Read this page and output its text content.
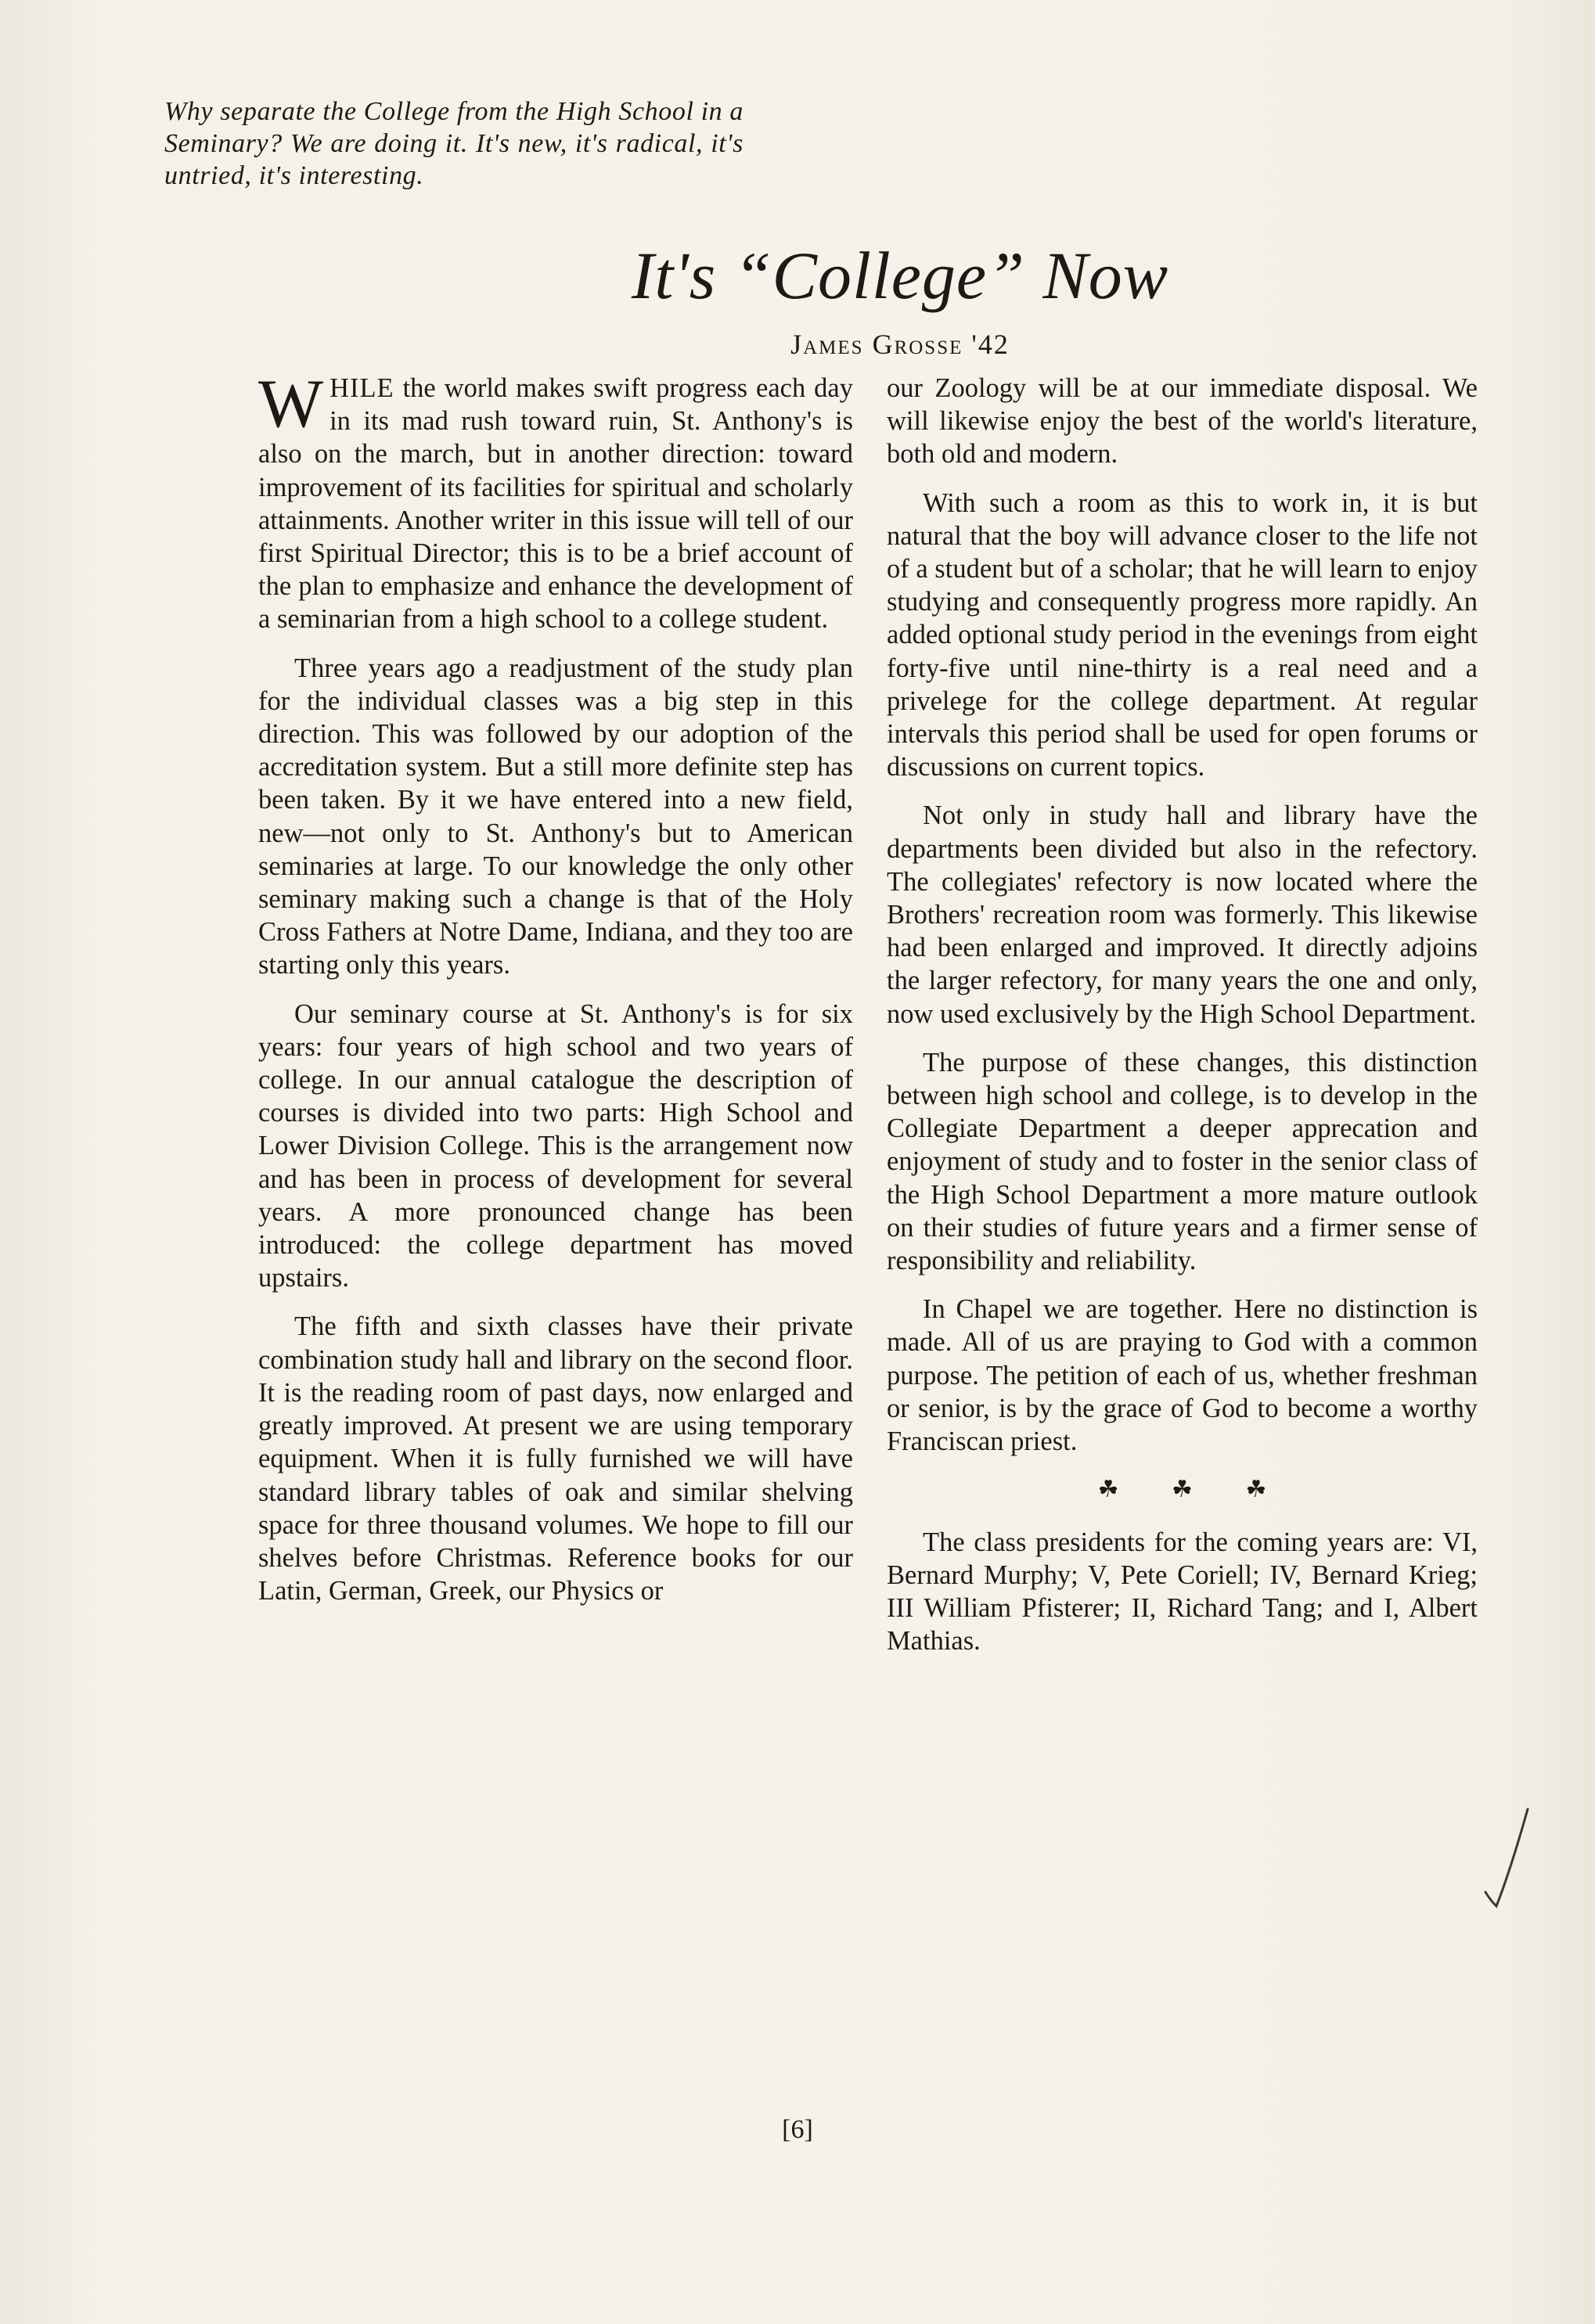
Why separate the College from the High School in a Seminary? We are doing it. It's new, it's radical, it's untried, it's interesting.
It's “College” Now
James Grosse '42

WHILE the world makes swift progress each day in its mad rush toward ruin, St. Anthony's is also on the march, but in another direction: toward improvement of its facilities for spiritual and scholarly attainments. Another writer in this issue will tell of our first Spiritual Director; this is to be a brief account of the plan to emphasize and enhance the development of a seminarian from a high school to a college student.

Three years ago a readjustment of the study plan for the individual classes was a big step in this direction. This was followed by our adoption of the accreditation system. But a still more definite step has been taken. By it we have entered into a new field, new—not only to St. Anthony's but to American seminaries at large. To our knowledge the only other seminary making such a change is that of the Holy Cross Fathers at Notre Dame, Indiana, and they too are starting only this years.

Our seminary course at St. Anthony's is for six years: four years of high school and two years of college. In our annual catalogue the description of courses is divided into two parts: High School and Lower Division College. This is the arrangement now and has been in process of development for several years. A more pronounced change has been introduced: the college department has moved upstairs.

The fifth and sixth classes have their private combination study hall and library on the second floor. It is the reading room of past days, now enlarged and greatly improved. At present we are using temporary equipment. When it is fully furnished we will have standard library tables of oak and similar shelving space for three thousand volumes. We hope to fill our shelves before Christmas. Reference books for our Latin, German, Greek, our Physics or

our Zoology will be at our immediate disposal. We will likewise enjoy the best of the world's literature, both old and modern.

With such a room as this to work in, it is but natural that the boy will advance closer to the life not of a student but of a scholar; that he will learn to enjoy studying and consequently progress more rapidly. An added optional study period in the evenings from eight forty-five until nine-thirty is a real need and a privelege for the college department. At regular intervals this period shall be used for open forums or discussions on current topics.

Not only in study hall and library have the departments been divided but also in the refectory. The collegiates' refectory is now located where the Brothers' recreation room was formerly. This likewise had been enlarged and improved. It directly adjoins the larger refectory, for many years the one and only, now used exclusively by the High School Department.

The purpose of these changes, this distinction between high school and college, is to develop in the Collegiate Department a deeper apprecation and enjoyment of study and to foster in the senior class of the High School Department a more mature outlook on their studies of future years and a firmer sense of responsibility and reliability.

In Chapel we are together. Here no distinction is made. All of us are praying to God with a common purpose. The petition of each of us, whether freshman or senior, is by the grace of God to become a worthy Franciscan priest.

☘ ☘ ☘

The class presidents for the coming years are: VI, Bernard Murphy; V, Pete Coriell; IV, Bernard Krieg; III William Pfisterer; II, Richard Tang; and I, Albert Mathias.

[6]
